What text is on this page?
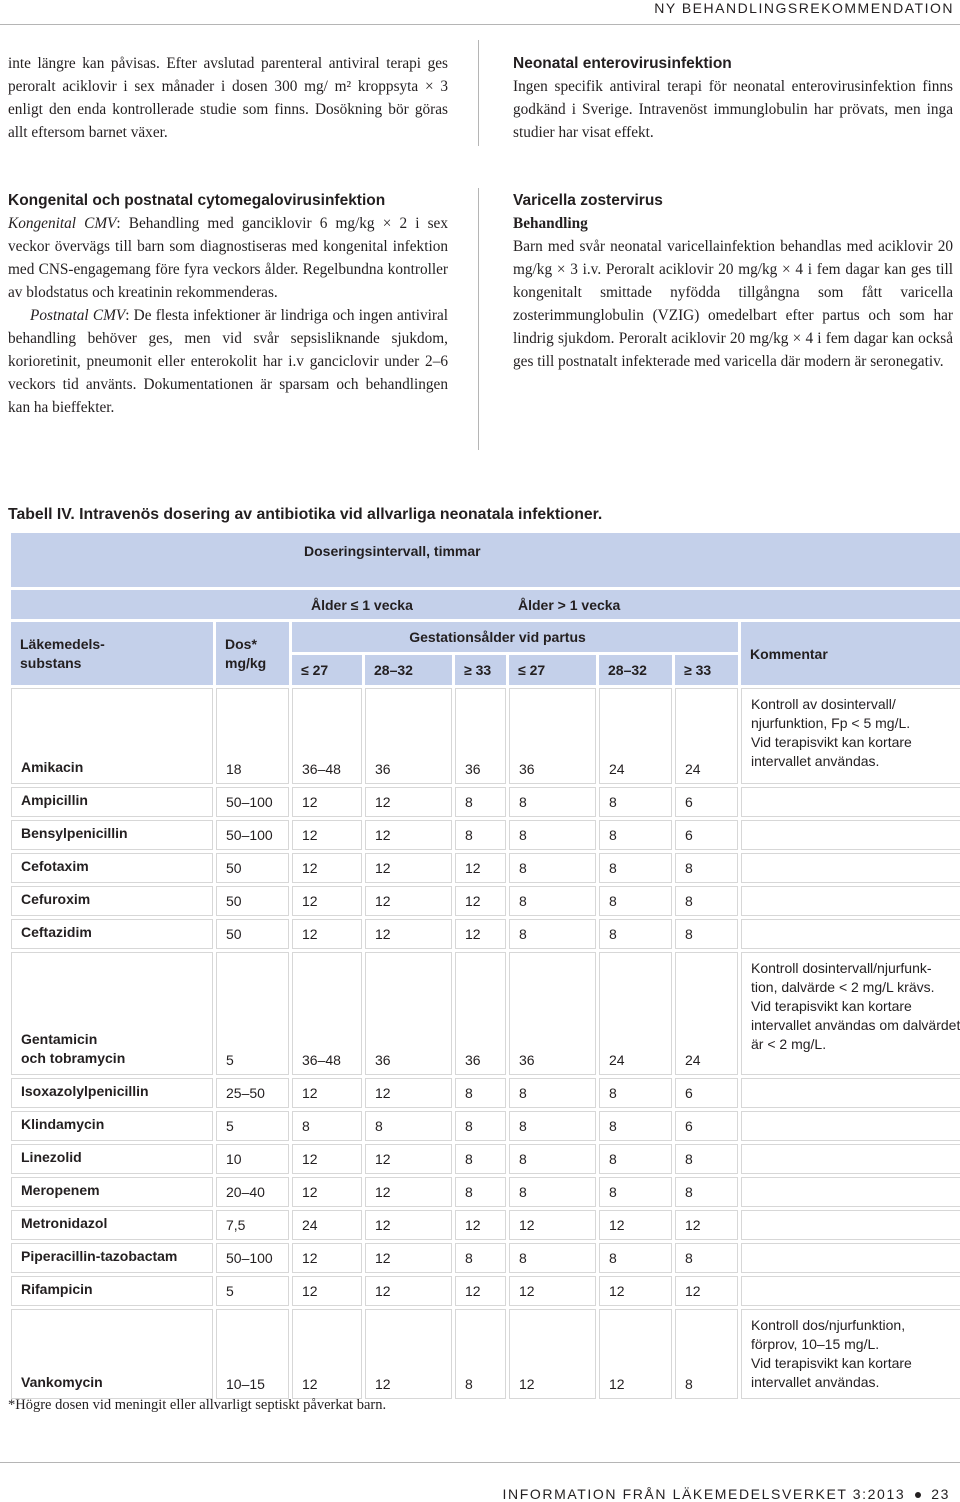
NY BEHANDLINGSREKOMMENDATION

inte längre kan påvisas. Efter avslutad parenteral antiviral terapi ges peroralt aciklovir i sex månader i dosen 300 mg/ m² kroppsyta × 3 enligt den enda kontrollerade studie som finns. Dosökning bör göras allt eftersom barnet växer.

Neonatal enterovirusinfektion

Ingen specifik antiviral terapi för neonatal enterovirusinfektion finns godkänd i Sverige. Intravenöst immunglobulin har prövats, men inga studier har visat effekt.

Kongenital och postnatal cytomegalovirusinfektion

Kongenital CMV: Behandling med ganciklovir 6 mg/kg × 2 i sex veckor övervägs till barn som diagnostiseras med kongenital infektion med CNS-engagemang före fyra veckors ålder. Regelbundna kontroller av blodstatus och kreatinin rekommenderas.

Postnatal CMV: De flesta infektioner är lindriga och ingen antiviral behandling behöver ges, men vid svår sepsisliknande sjukdom, korioretinit, pneumonit eller enterokolit har i.v ganciclovir under 2–6 veckors tid använts. Dokumentationen är sparsam och behandlingen kan ha bieffekter.

Varicella zostervirus
Behandling

Barn med svår neonatal varicellainfektion behandlas med aciklovir 20 mg/kg × 3 i.v. Peroralt aciklovir 20 mg/kg × 4 i fem dagar kan ges till kongenitalt smittade nyfödda tillgångna som fått varicella zosterimmunglobulin (VZIG) omedelbart efter partus och som har lindrig sjukdom. Peroralt aciklovir 20 mg/kg × 4 i fem dagar kan också ges till postnatalt infekterade med varicella där modern är seronegativ.

Tabell IV. Intravenös dosering av antibiotika vid allvarliga neonatala infektioner.
Doseringsintervall, timmar								
Ålder ≤ 1 vecka Ålder > 1 vecka								
Läkemedels-
substans	Dos*
mg/kg	Gestationsålder vid partus						Kommentar
		≤ 27	28–32	≥ 33	≤ 27	28–32	≥ 33	
Amikacin	18	36–48	36	36	36	24	24	Kontroll av dosintervall/
njurfunktion, Fp < 5 mg/L.
Vid terapisvikt kan kortare
intervallet användas.
Ampicillin	50–100	12	12	8	8	8	6	
Bensylpenicillin	50–100	12	12	8	8	8	6	
Cefotaxim	50	12	12	12	8	8	8	
Cefuroxim	50	12	12	12	8	8	8	
Ceftazidim	50	12	12	12	8	8	8	
Gentamicin
och tobramycin	5	36–48	36	36	36	24	24	Kontroll dosintervall/njurfunk-
tion, dalvärde < 2 mg/L krävs.
Vid terapisvikt kan kortare
intervallet användas om dalvärdet
är < 2 mg/L.
Isoxazolylpenicillin	25–50	12	12	8	8	8	6	
Klindamycin	5	8	8	8	8	8	6	
Linezolid	10	12	12	8	8	8	8	
Meropenem	20–40	12	12	8	8	8	8	
Metronidazol	7,5	24	12	12	12	12	12	
Piperacillin-tazobactam	50–100	12	12	8	8	8	8	
Rifampicin	5	12	12	12	12	12	12	
Vankomycin	10–15	12	12	8	12	12	8	Kontroll dos/njurfunktion,
förprov, 10–15 mg/L.
Vid terapisvikt kan kortare
intervallet användas.
*Högre dosen vid meningit eller allvarligt septiskt påverkat barn.
INFORMATION FRÅN LÄKEMEDELSVERKET 3:2013 23
